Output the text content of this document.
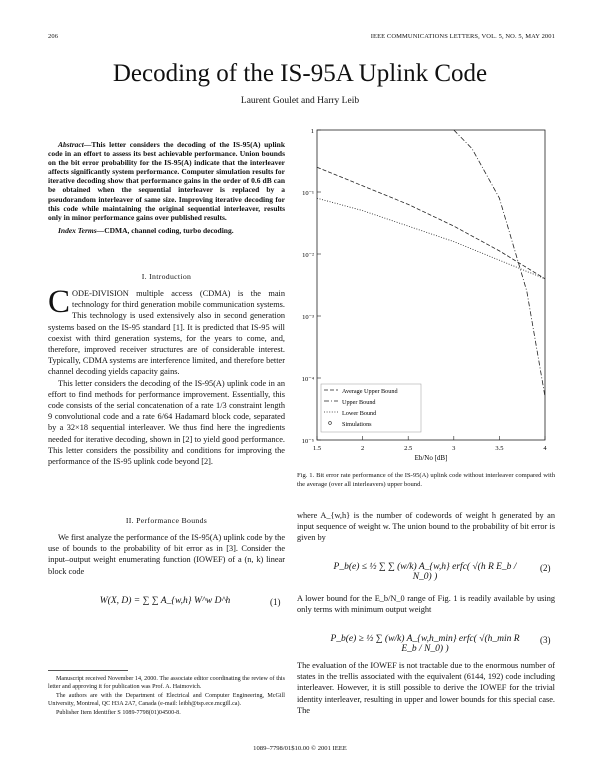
206	IEEE COMMUNICATIONS LETTERS, VOL. 5, NO. 5, MAY 2001
Decoding of the IS-95A Uplink Code
Laurent Goulet and Harry Leib

Abstract—This letter considers the decoding of the IS-95(A) uplink code in an effort to assess its best achievable performance. Union bounds on the bit error probability for the IS-95(A) indicate that the interleaver affects significantly system performance. Computer simulation results for iterative decoding show that performance gains in the order of 0.6 dB can be obtained when the sequential interleaver is replaced by a pseudorandom interleaver of same size. Improving iterative decoding for this code while maintaining the original sequential interleaver, results only in minor performance gains over published results.

Index Terms—CDMA, channel coding, turbo decoding.

I. Introduction

CODE-DIVISION multiple access (CDMA) is the main technology for third generation mobile communication systems. This technology is used extensively also in second generation systems based on the IS-95 standard [1]. It is predicted that IS-95 will coexist with third generation systems, for the years to come, and, therefore, improved receiver structures are of considerable interest. Typically, CDMA systems are interference limited, and therefore better channel decoding yields capacity gains.

This letter considers the decoding of the IS-95(A) uplink code in an effort to find methods for performance improvement. Essentially, this code consists of the serial concatenation of a rate 1/3 constraint length 9 convolutional code and a rate 6/64 Hadamard block code, separated by a 32×18 sequential interleaver. We thus find here the ingredients needed for iterative decoding, shown in [2] to yield good performance. This letter considers the possibility and conditions for improving the performance of the IS-95 uplink code beyond [2].

II. Performance Bounds

We first analyze the performance of the IS-95(A) uplink code by the use of bounds to the probability of bit error as in [3]. Consider the input–output weight enumerating function (IOWEF) of a (n, k) linear block code

W(X, D) = ∑ ∑ A_{w,h} W^w D^h	(1)

Manuscript received November 14, 2000. The associate editor coordinating the review of this letter and approving it for publication was Prof. A. Haimovich.

The authors are with the Department of Electrical and Computer Engineering, McGill University, Montreal, QC H3A 2A7, Canada (e-mail: leibh@tsp.ece.mcgill.ca).

Publisher Item Identifier S 1089-7798(01)04500-8.

1
10⁻¹
10⁻²
10⁻³
10⁻⁴
10⁻⁵
1.5	2	2.5	3	3.5	4
Average Upper Bound
Upper Bound
Lower Bound
Simulations
Eb/No [dB]
Fig. 1. Bit error rate performance of the IS-95(A) uplink code without interleaver compared with the average (over all interleavers) upper bound.
where A_{w,h} is the number of codewords of weight h generated by an input sequence of weight w. The union bound to the probability of bit error is given by
P_b(e) ≤ ½ ∑ ∑ (w/k) A_{w,h} erfc( √(h R E_b / N_0) )
(2)
A lower bound for the E_b/N_0 range of Fig. 1 is readily available by using only terms with minimum output weight
P_b(e) ≥ ½ ∑ (w/k) A_{w,h_min} erfc( √(h_min R E_b / N_0) )
(3)
The evaluation of the IOWEF is not tractable due to the enormous number of states in the trellis associated with the equivalent (6144, 192) code including interleaver. However, it is still possible to derive the IOWEF for the trivial identity interleaver, resulting in upper and lower bounds for this special case. The
1089–7798/01$10.00 © 2001 IEEE
